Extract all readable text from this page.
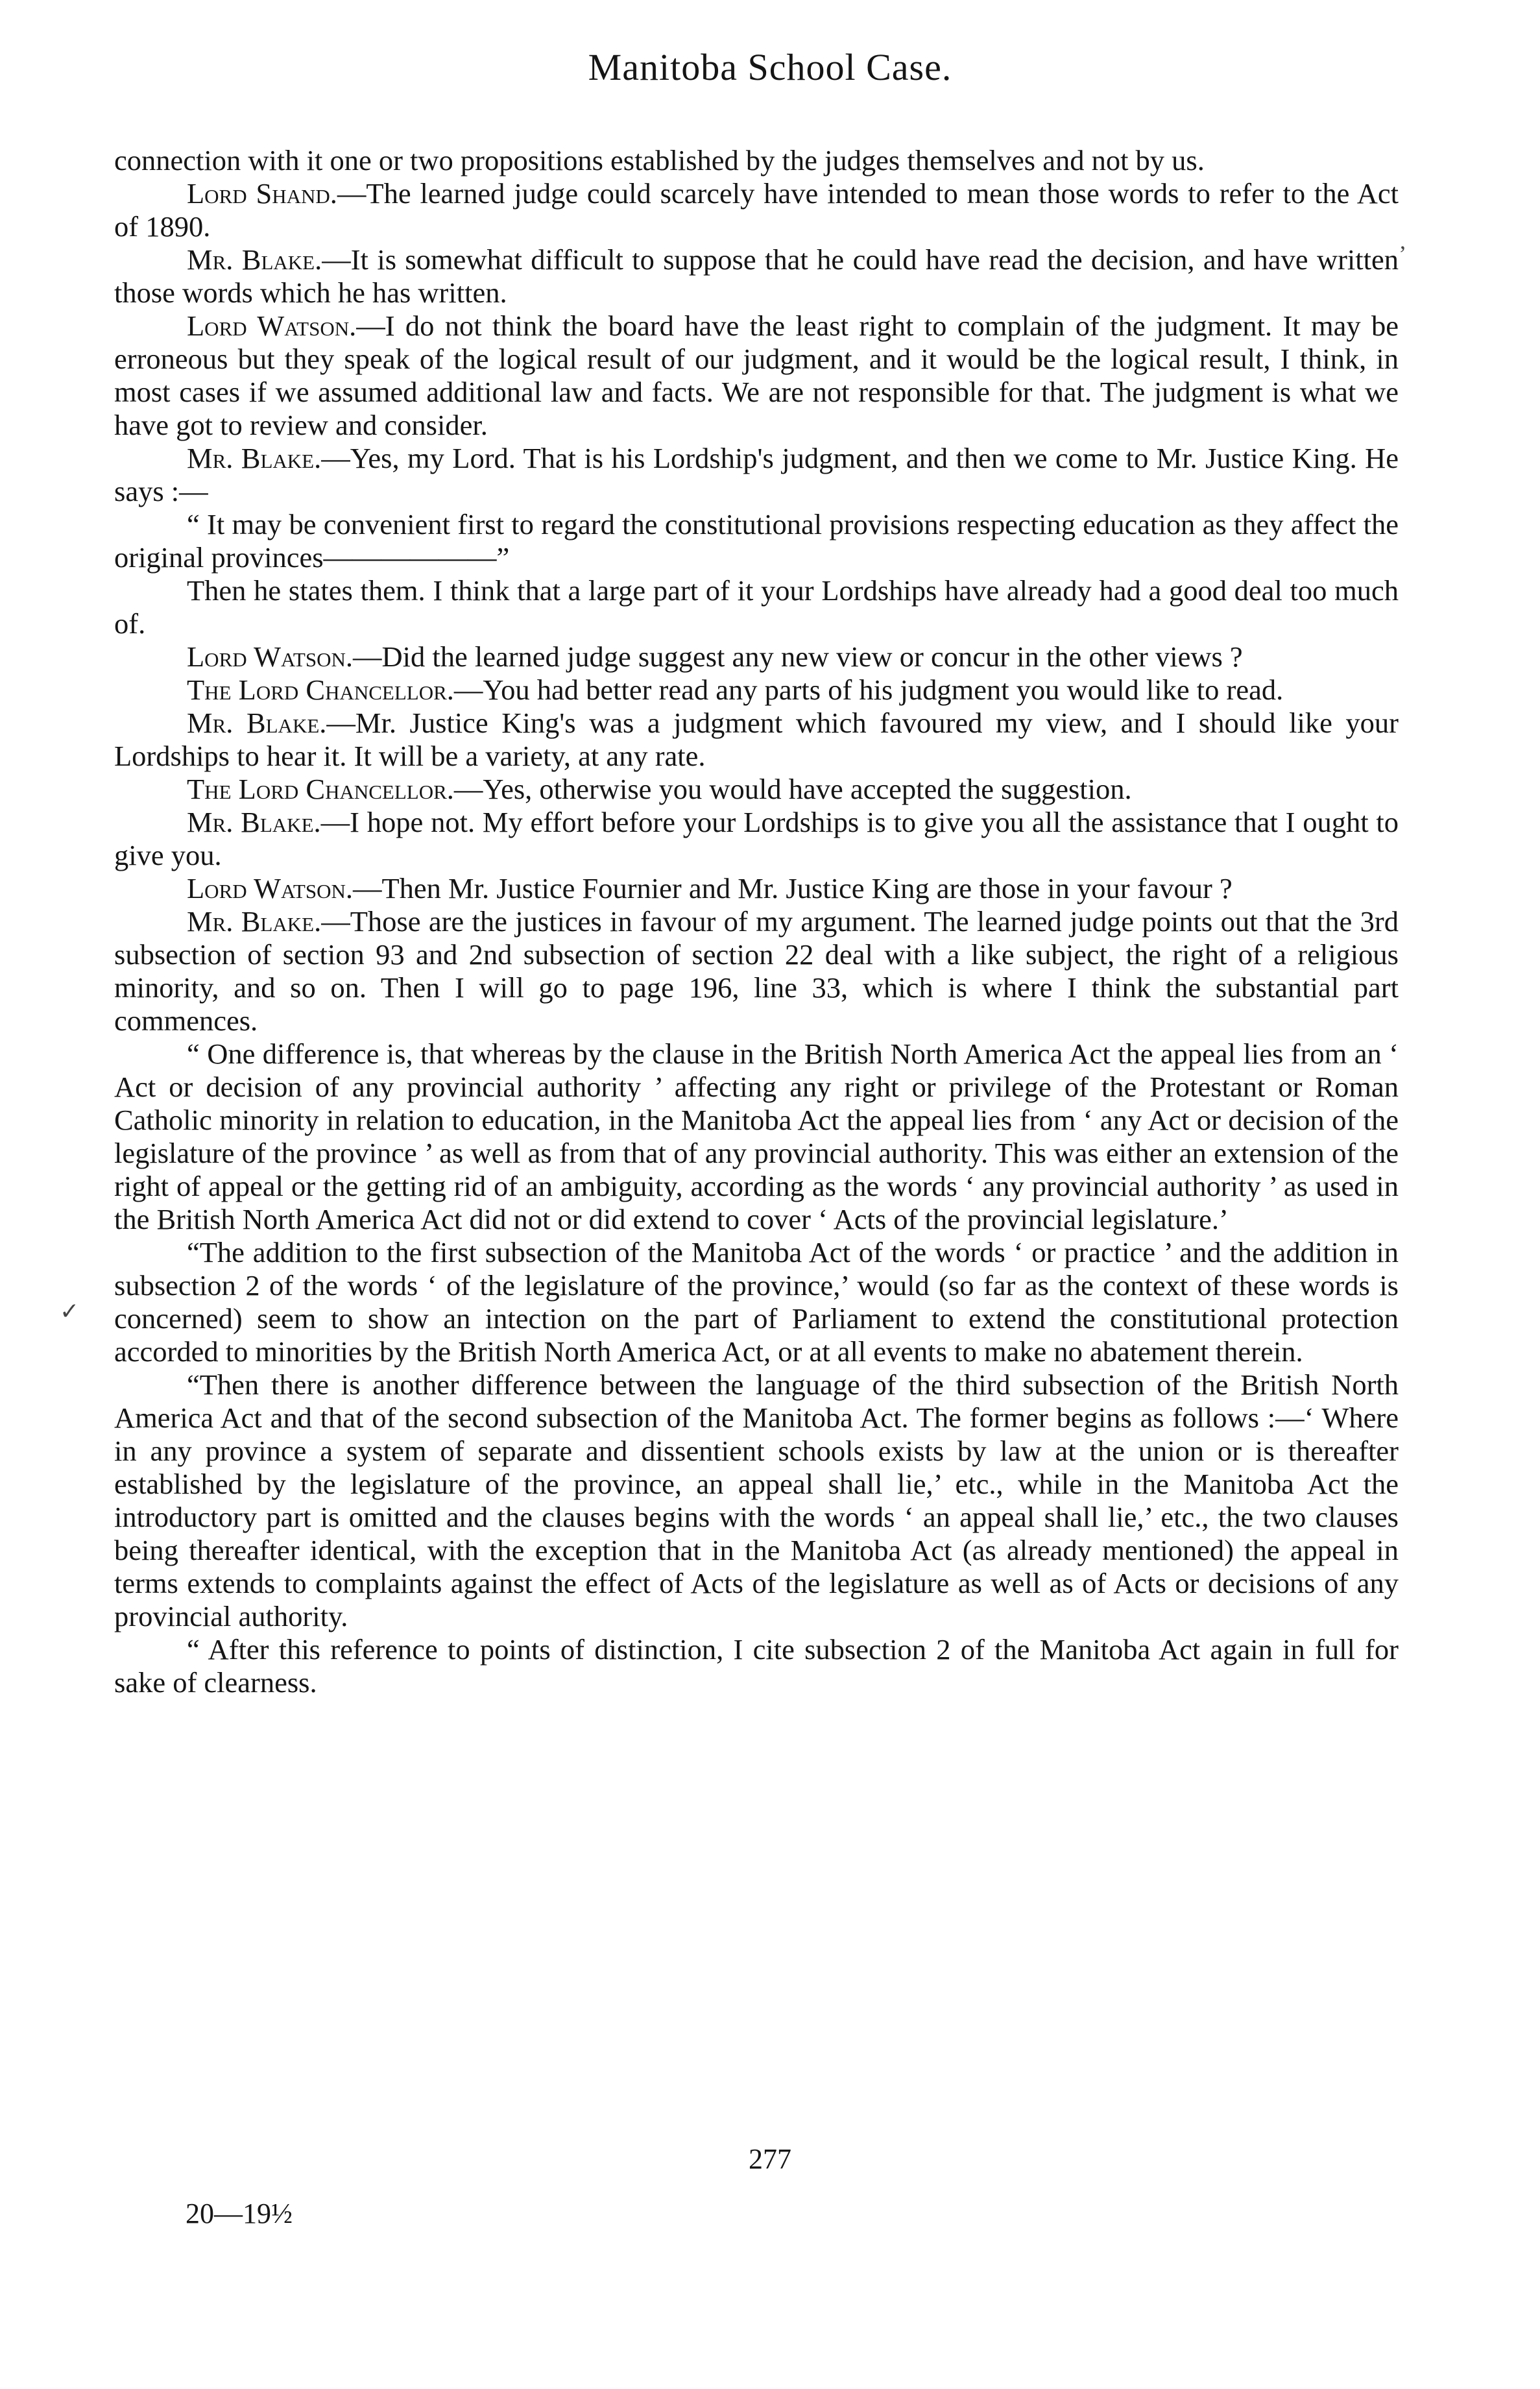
Manitoba School Case.

connection with it one or two propositions established by the judges themselves and not by us.

Lord Shand.—The learned judge could scarcely have intended to mean those words to refer to the Act of 1890.

Mr. Blake.—It is somewhat difficult to suppose that he could have read the decision, and have written those words which he has written.

Lord Watson.—I do not think the board have the least right to complain of the judgment. It may be erroneous but they speak of the logical result of our judgment, and it would be the logical result, I think, in most cases if we assumed additional law and facts. We are not responsible for that. The judgment is what we have got to review and consider.

Mr. Blake.—Yes, my Lord. That is his Lordship's judgment, and then we come to Mr. Justice King. He says :—

“ It may be convenient first to regard the constitutional provisions respecting education as they affect the original provinces——————”

Then he states them. I think that a large part of it your Lordships have already had a good deal too much of.

Lord Watson.—Did the learned judge suggest any new view or concur in the other views ?

The Lord Chancellor.—You had better read any parts of his judgment you would like to read.

Mr. Blake.—Mr. Justice King's was a judgment which favoured my view, and I should like your Lordships to hear it. It will be a variety, at any rate.

The Lord Chancellor.—Yes, otherwise you would have accepted the suggestion.

Mr. Blake.—I hope not. My effort before your Lordships is to give you all the assistance that I ought to give you.

Lord Watson.—Then Mr. Justice Fournier and Mr. Justice King are those in your favour ?

Mr. Blake.—Those are the justices in favour of my argument. The learned judge points out that the 3rd subsection of section 93 and 2nd subsection of section 22 deal with a like subject, the right of a religious minority, and so on. Then I will go to page 196, line 33, which is where I think the substantial part commences.

“ One difference is, that whereas by the clause in the British North America Act the appeal lies from an ‘ Act or decision of any provincial authority ’ affecting any right or privilege of the Protestant or Roman Catholic minority in relation to education, in the Manitoba Act the appeal lies from ‘ any Act or decision of the legislature of the province ’ as well as from that of any provincial authority. This was either an extension of the right of appeal or the getting rid of an ambiguity, according as the words ‘ any provincial authority ’ as used in the British North America Act did not or did extend to cover ‘ Acts of the provincial legislature.’

“The addition to the first subsection of the Manitoba Act of the words ‘ or practice ’ and the addition in subsection 2 of the words ‘ of the legislature of the province,’ would (so far as the context of these words is concerned) seem to show an intection on the part of Parliament to extend the constitutional protection accorded to minorities by the British North America Act, or at all events to make no abatement therein.

“Then there is another difference between the language of the third subsection of the British North America Act and that of the second subsection of the Manitoba Act. The former begins as follows :—‘ Where in any province a system of separate and dissentient schools exists by law at the union or is thereafter established by the legislature of the province, an appeal shall lie,’ etc., while in the Manitoba Act the introductory part is omitted and the clauses begins with the words ‘ an appeal shall lie,’ etc., the two clauses being thereafter identical, with the exception that in the Manitoba Act (as already mentioned) the appeal in terms extends to complaints against the effect of Acts of the legislature as well as of Acts or decisions of any provincial authority.

“ After this reference to points of distinction, I cite subsection 2 of the Manitoba Act again in full for sake of clearness.

,
✓
277
20—19½
